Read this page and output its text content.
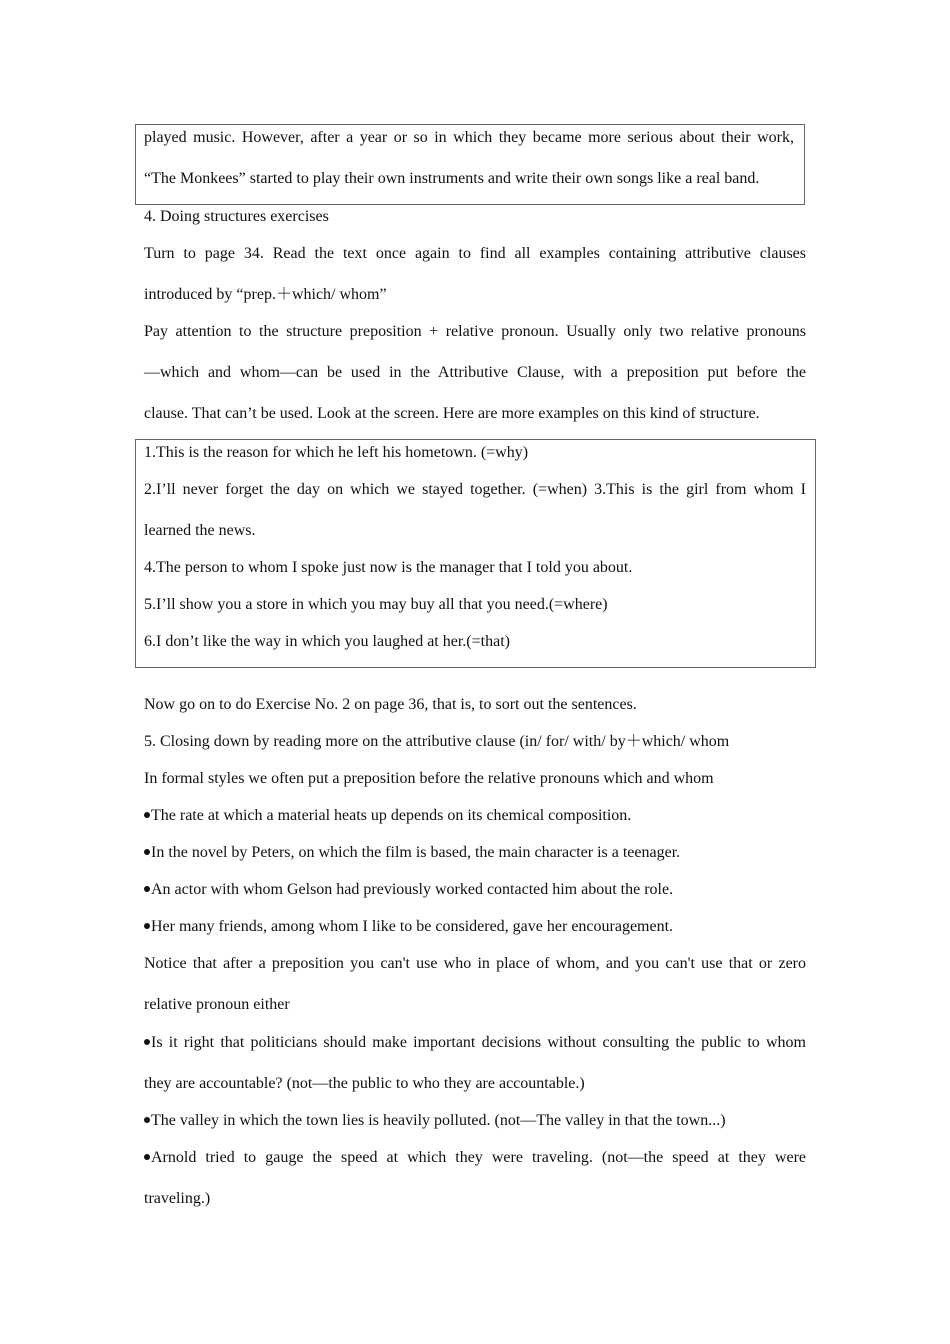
played music. However, after a year or so in which they became more serious about their work,
“The Monkees” started to play their own instruments and write their own songs like a real band.
4. Doing structures exercises
Turn to page 34. Read the text once again to find all examples containing attributive clauses
introduced by “prep.＋which/ whom”
Pay attention to the structure preposition + relative pronoun. Usually only two relative pronouns
—which and whom—can be used in the Attributive Clause, with a preposition put before the
clause. That can’t be used. Look at the screen. Here are more examples on this kind of structure.
1.This is the reason for which he left his hometown. (=why)
2.I’ll never forget the day on which we stayed together. (=when) 3.This is the girl from whom I
learned the news.
4.The person to whom I spoke just now is the manager that I told you about.
5.I’ll show you a store in which you may buy all that you need.(=where)
6.I don’t like the way in which you laughed at her.(=that)
Now go on to do Exercise No. 2 on page 36, that is, to sort out the sentences.
5. Closing down by reading more on the attributive clause (in/ for/ with/ by＋which/ whom
In formal styles we often put a preposition before the relative pronouns which and whom
The rate at which a material heats up depends on its chemical composition.
In the novel by Peters, on which the film is based, the main character is a teenager.
An actor with whom Gelson had previously worked contacted him about the role.
Her many friends, among whom I like to be considered, gave her encouragement.
Notice that after a preposition you can't use who in place of whom, and you can't use that or zero
relative pronoun either
Is it right that politicians should make important decisions without consulting the public to whom
they are accountable? (not—the public to who they are accountable.)
The valley in which the town lies is heavily polluted. (not—The valley in that the town...)
Arnold tried to gauge the speed at which they were traveling. (not—the speed at they were
traveling.)
